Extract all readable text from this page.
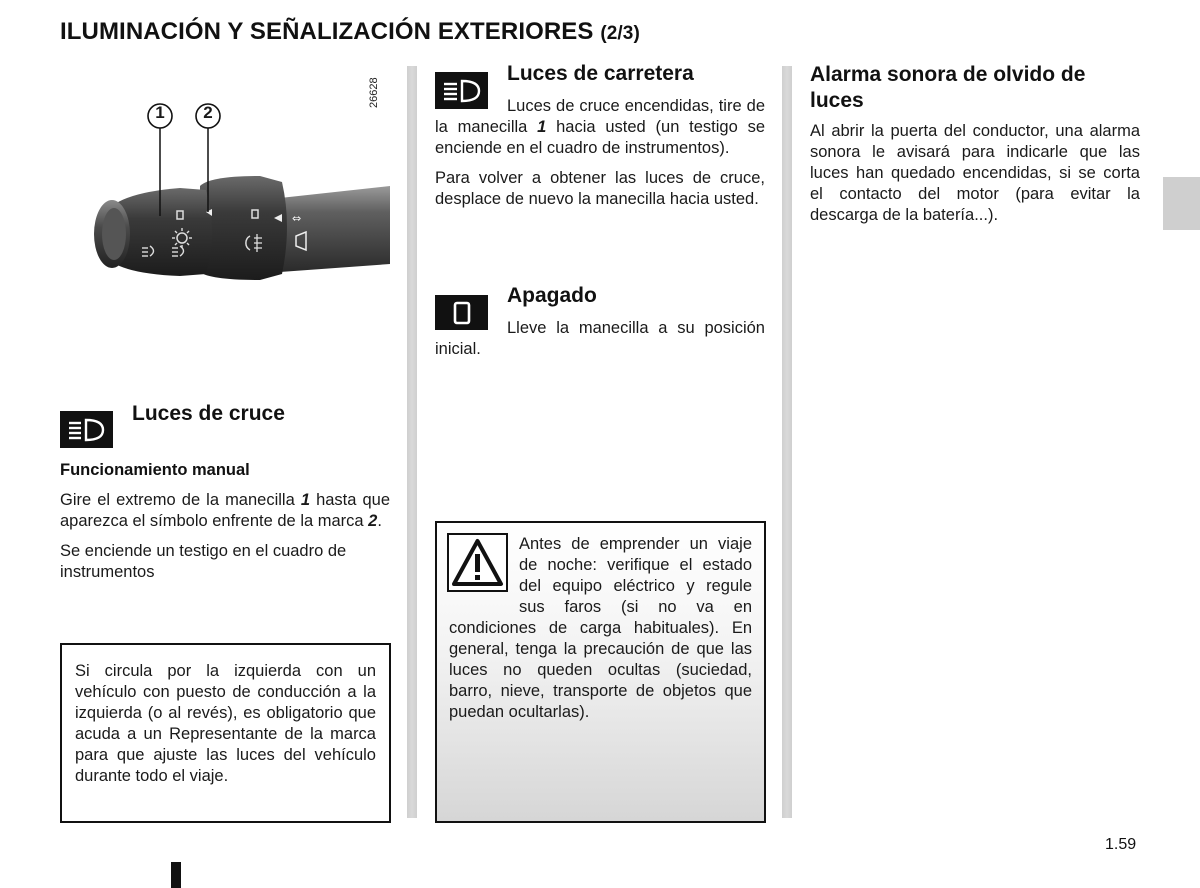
ILUMINACIÓN Y SEÑALIZACIÓN EXTERIORES (2/3)
⇔
1 2
26628
Luces de cruce
Funcionamiento manual

Gire el extremo de la manecilla 1 hasta que aparezca el símbolo enfrente de la marca 2.

Se enciende un testigo en el cuadro de instrumentos

Si circula por la izquierda con un vehículo con puesto de conducción a la izquierda (o al revés), es obligatorio que acuda a un Representante de la marca para que ajuste las luces del vehículo durante todo el viaje.
Luces de carretera

Luces de cruce encendidas, tire de la manecilla 1 hacia usted (un testigo se enciende en el cuadro de instrumentos).

Para volver a obtener las luces de cruce, desplace de nuevo la manecilla hacia usted.

Apagado

Lleve la manecilla a su posición inicial.

Antes de emprender un viaje de noche: verifique el estado del equipo eléctrico y regule sus faros (si no va en condiciones de carga habituales). En general, tenga la precaución de que las luces no queden ocultas (suciedad, barro, nieve, transporte de objetos que puedan ocultarlas).
Alarma sonora de olvido de luces

Al abrir la puerta del conductor, una alarma sonora le avisará para indicarle que las luces han quedado encendidas, si se corta el contacto del motor (para evitar la descarga de la batería...).

1.59
